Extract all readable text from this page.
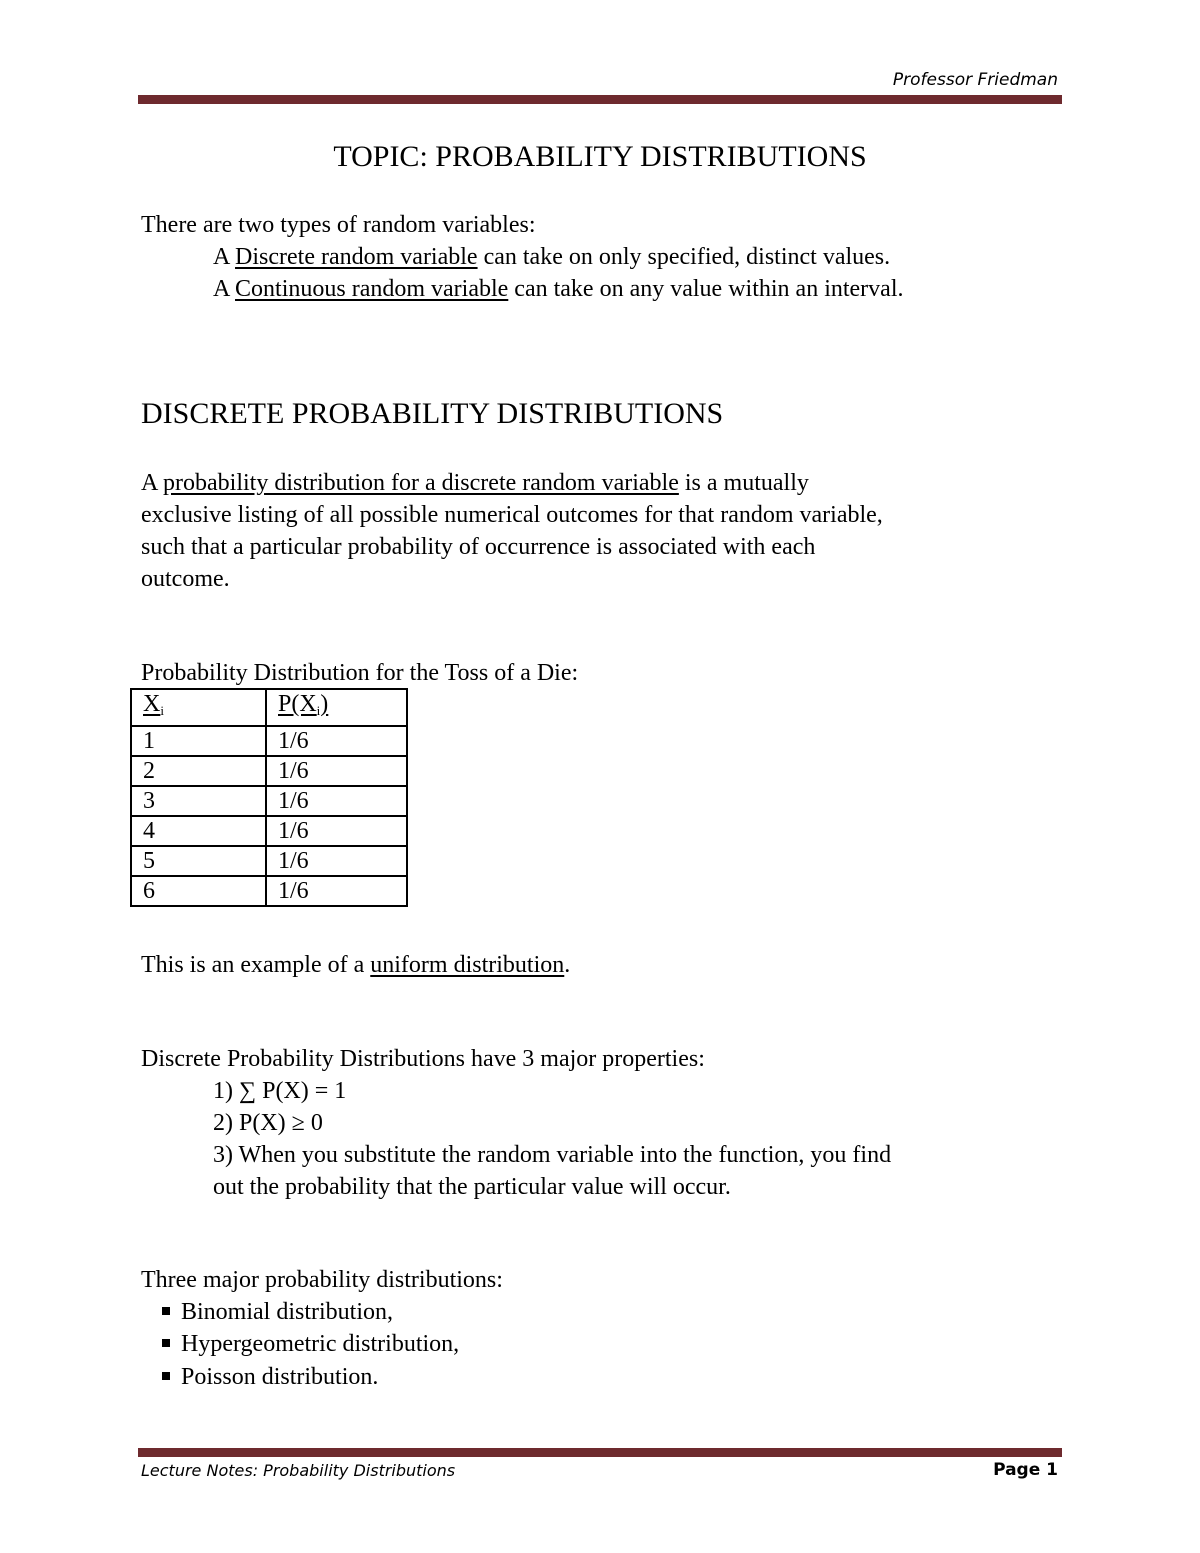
Professor Friedman
TOPIC: PROBABILITY DISTRIBUTIONS
There are two types of random variables:
A Discrete random variable can take on only specified, distinct values.
A Continuous random variable can take on any value within an interval.
DISCRETE PROBABILITY DISTRIBUTIONS
A probability distribution for a discrete random variable is a mutually
exclusive listing of all possible numerical outcomes for that random variable,
such that a particular probability of occurrence is associated with each
outcome.
Probability Distribution for the Toss of a Die:
$X_i$	$P(X_i)$
1	1/6
2	1/6
3	1/6
4	1/6
5	1/6
6	1/6
This is an example of a uniform distribution.
Discrete Probability Distributions have 3 major properties:
1) ∑ P(X) = 1
2) P(X) ≥ 0
3) When you substitute the random variable into the function, you find
out the probability that the particular value will occur.
Three major probability distributions:
Binomial distribution,
Hypergeometric distribution,
Poisson distribution.
Lecture Notes: Probability Distributions	Page 1
